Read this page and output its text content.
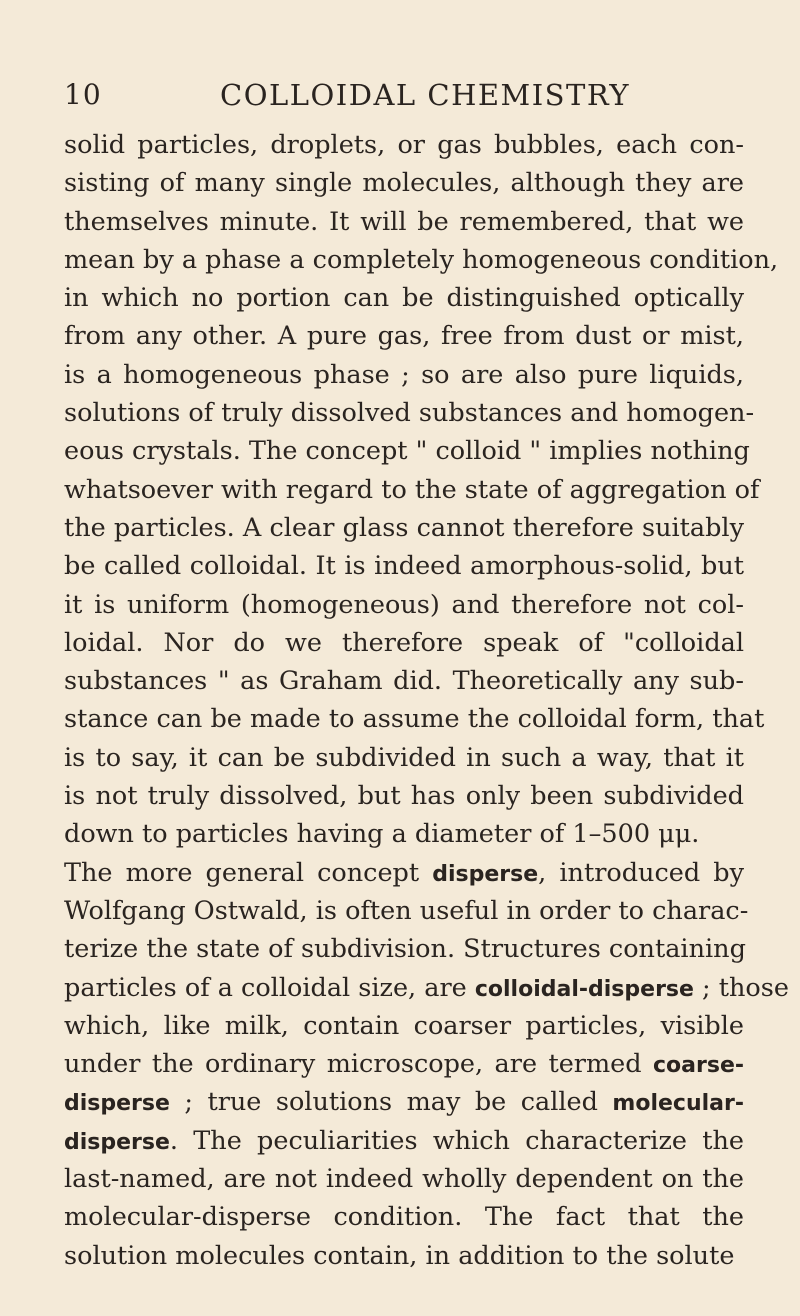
10	COLLOIDAL CHEMISTRY
solid particles, droplets, or gas bubbles, each con-
sisting of many single molecules, although they are
themselves minute. It will be remembered, that we
mean by a phase a completely homogeneous condition,
in which no portion can be distinguished optically
from any other. A pure gas, free from dust or mist,
is a homogeneous phase ; so are also pure liquids,
solutions of truly dissolved substances and homogen-
eous crystals. The concept " colloid " implies nothing
whatsoever with regard to the state of aggregation of
the particles. A clear glass cannot therefore suitably
be called colloidal. It is indeed amorphous-solid, but
it is uniform (homogeneous) and therefore not col-
loidal. Nor do we therefore speak of "colloidal
substances " as Graham did. Theoretically any sub-
stance can be made to assume the colloidal form, that
is to say, it can be subdivided in such a way, that it
is not truly dissolved, but has only been subdivided
down to particles having a diameter of 1–500 μμ.
The more general concept disperse, introduced by
Wolfgang Ostwald, is often useful in order to charac-
terize the state of subdivision. Structures containing
particles of a colloidal size, are colloidal-disperse ; those
which, like milk, contain coarser particles, visible
under the ordinary microscope, are termed coarse-
disperse ; true solutions may be called molecular-
disperse. The peculiarities which characterize the
last-named, are not indeed wholly dependent on the
molecular-disperse condition. The fact that the
solution molecules contain, in addition to the solute
